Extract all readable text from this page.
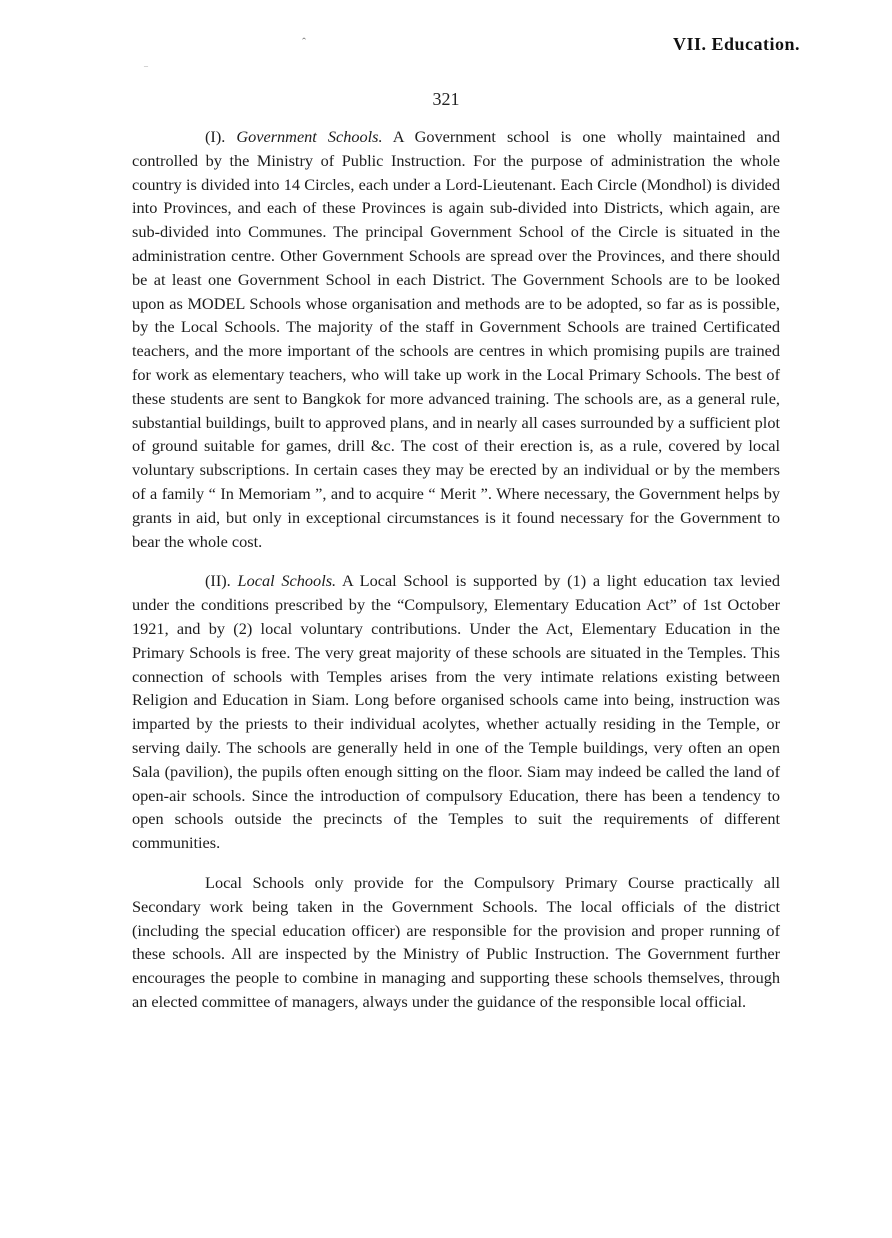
ˆ
–
VII. Education.
321

(I). Government Schools. A Government school is one wholly maintained and controlled by the Ministry of Public Instruction. For the purpose of administration the whole country is divided into 14 Circles, each under a Lord-Lieutenant. Each Circle (Mondhol) is divided into Provinces, and each of these Provinces is again sub-divided into Districts, which again, are sub-divided into Communes. The principal Government School of the Circle is situated in the administration centre. Other Government Schools are spread over the Provinces, and there should be at least one Government School in each District. The Government Schools are to be looked upon as MODEL Schools whose organisation and methods are to be adopted, so far as is possible, by the Local Schools. The majority of the staff in Government Schools are trained Certificated teachers, and the more important of the schools are centres in which promising pupils are trained for work as elementary teachers, who will take up work in the Local Primary Schools. The best of these students are sent to Bangkok for more advanced training. The schools are, as a general rule, substantial buildings, built to approved plans, and in nearly all cases surrounded by a sufficient plot of ground suitable for games, drill &c. The cost of their erection is, as a rule, covered by local voluntary subscriptions. In certain cases they may be erected by an individual or by the members of a family “ In Memoriam ”, and to acquire “ Merit ”. Where necessary, the Government helps by grants in aid, but only in exceptional circumstances is it found necessary for the Government to bear the whole cost.

(II). Local Schools. A Local School is supported by (1) a light education tax levied under the conditions prescribed by the “Compulsory, Elementary Education Act” of 1st October 1921, and by (2) local voluntary contributions. Under the Act, Elementary Education in the Primary Schools is free. The very great majority of these schools are situated in the Temples. This connection of schools with Temples arises from the very intimate relations existing between Religion and Education in Siam. Long before organised schools came into being, instruction was imparted by the priests to their individual acolytes, whether actually residing in the Temple, or serving daily. The schools are generally held in one of the Temple buildings, very often an open Sala (pavilion), the pupils often enough sitting on the floor. Siam may indeed be called the land of open-air schools. Since the introduction of compulsory Education, there has been a tendency to open schools outside the precincts of the Temples to suit the requirements of different communities.

Local Schools only provide for the Compulsory Primary Course practically all Secondary work being taken in the Government Schools. The local officials of the district (including the special education officer) are responsible for the provision and proper running of these schools. All are inspected by the Ministry of Public Instruction. The Government further encourages the people to combine in managing and supporting these schools themselves, through an elected committee of managers, always under the guidance of the responsible local official.
